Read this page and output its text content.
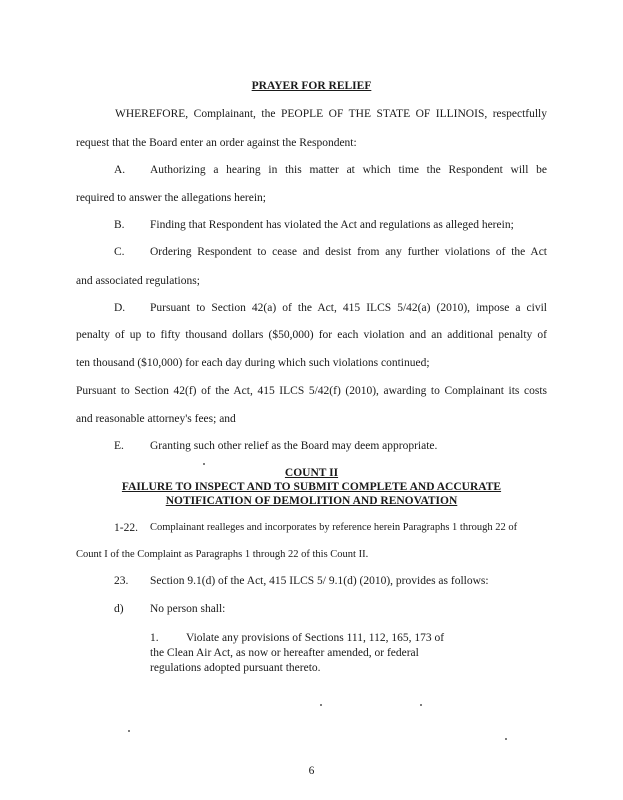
PRAYER FOR RELIEF
WHEREFORE, Complainant, the PEOPLE OF THE STATE OF ILLINOIS, respectfully
request that the Board enter an order against the Respondent:
A. Authorizing a hearing in this matter at which time the Respondent will be
required to answer the allegations herein;
B. Finding that Respondent has violated the Act and regulations as alleged herein;
C. Ordering Respondent to cease and desist from any further violations of the Act
and associated regulations;
D. Pursuant to Section 42(a) of the Act, 415 ILCS 5/42(a) (2010), impose a civil
penalty of up to fifty thousand dollars ($50,000) for each violation and an additional penalty of
ten thousand ($10,000) for each day during which such violations continued;
Pursuant to Section 42(f) of the Act, 415 ILCS 5/42(f) (2010), awarding to Complainant its costs
and reasonable attorney's fees; and
E. Granting such other relief as the Board may deem appropriate.
COUNT II
FAILURE TO INSPECT AND TO SUBMIT COMPLETE AND ACCURATE
NOTIFICATION OF DEMOLITION AND RENOVATION
1-22. Complainant realleges and incorporates by reference herein Paragraphs 1 through 22 of
Count I of the Complaint as Paragraphs 1 through 22 of this Count II.
23. Section 9.1(d) of the Act, 415 ILCS 5/ 9.1(d) (2010), provides as follows:
d) No person shall:
1. Violate any provisions of Sections 111, 112, 165, 173 of
the Clean Air Act, as now or hereafter amended, or federal
regulations adopted pursuant thereto.
6
